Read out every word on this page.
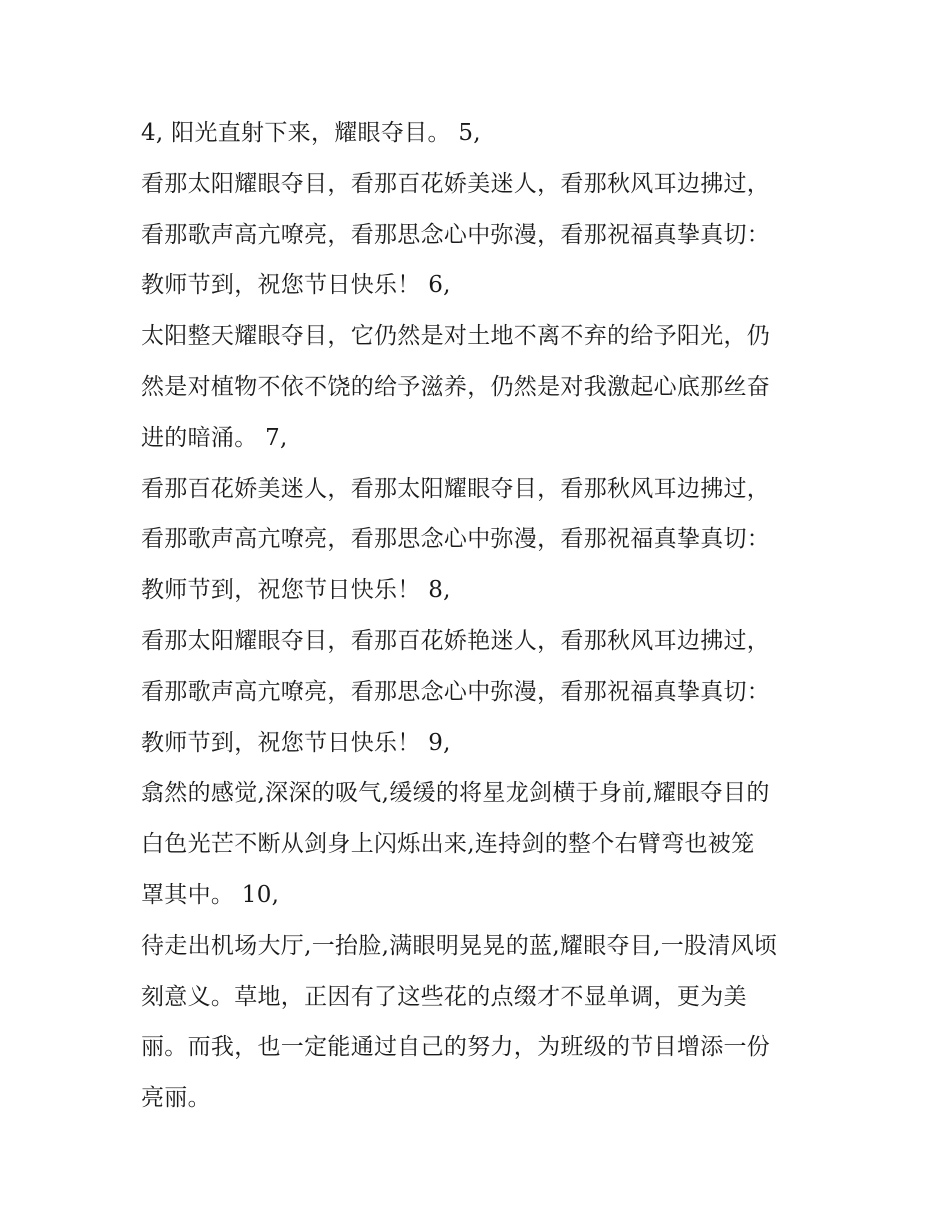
4, 阳光直射下来，耀眼夺目。 5,
看那太阳耀眼夺目，看那百花娇美迷人，看那秋风耳边拂过，
看那歌声高亢嘹亮，看那思念心中弥漫，看那祝福真挚真切：
教师节到，祝您节日快乐！ 6,
太阳整天耀眼夺目，它仍然是对土地不离不弃的给予阳光，仍
然是对植物不依不饶的给予滋养，仍然是对我激起心底那丝奋
进的暗涌。 7,
看那百花娇美迷人，看那太阳耀眼夺目，看那秋风耳边拂过，
看那歌声高亢嘹亮，看那思念心中弥漫，看那祝福真挚真切：
教师节到，祝您节日快乐！ 8,
看那太阳耀眼夺目，看那百花娇艳迷人，看那秋风耳边拂过，
看那歌声高亢嘹亮，看那思念心中弥漫，看那祝福真挚真切：
教师节到，祝您节日快乐！ 9,
翕然的感觉,深深的吸气,缓缓的将星龙剑横于身前,耀眼夺目的
白色光芒不断从剑身上闪烁出来,连持剑的整个右臂弯也被笼
罩其中。 10,
待走出机场大厅,一抬脸,满眼明晃晃的蓝,耀眼夺目,一股清风顷
刻意义。草地，正因有了这些花的点缀才不显单调，更为美
丽。而我，也一定能通过自己的努力，为班级的节目增添一份
亮丽。
